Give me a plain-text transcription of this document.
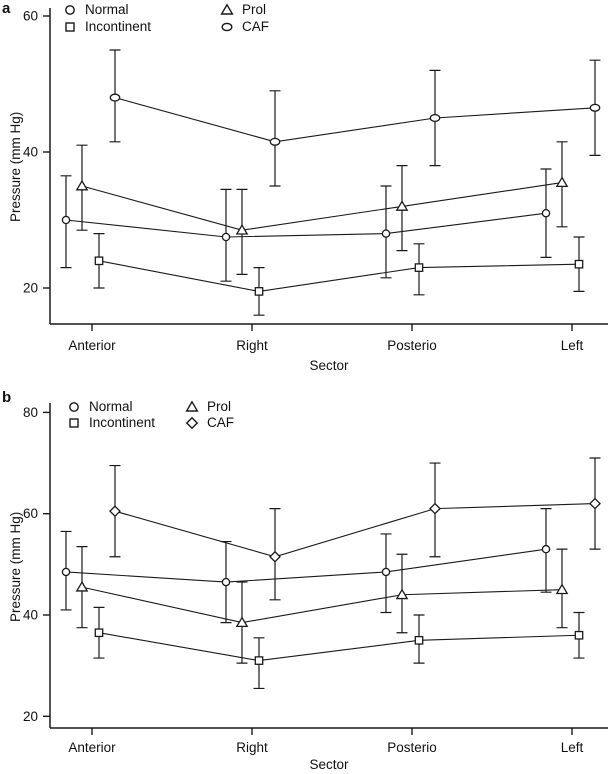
20
40
60
Anterior	Right	Posterio	Left
20
40
60
80
Anterior	Right	Posterio	Left
a
b
Normal
Incontinent
Prol
CAF
Normal
Incontinent
Prol
CAF
Pressure (mm Hg)
Pressure (mm Hg)
Sector
Sector
